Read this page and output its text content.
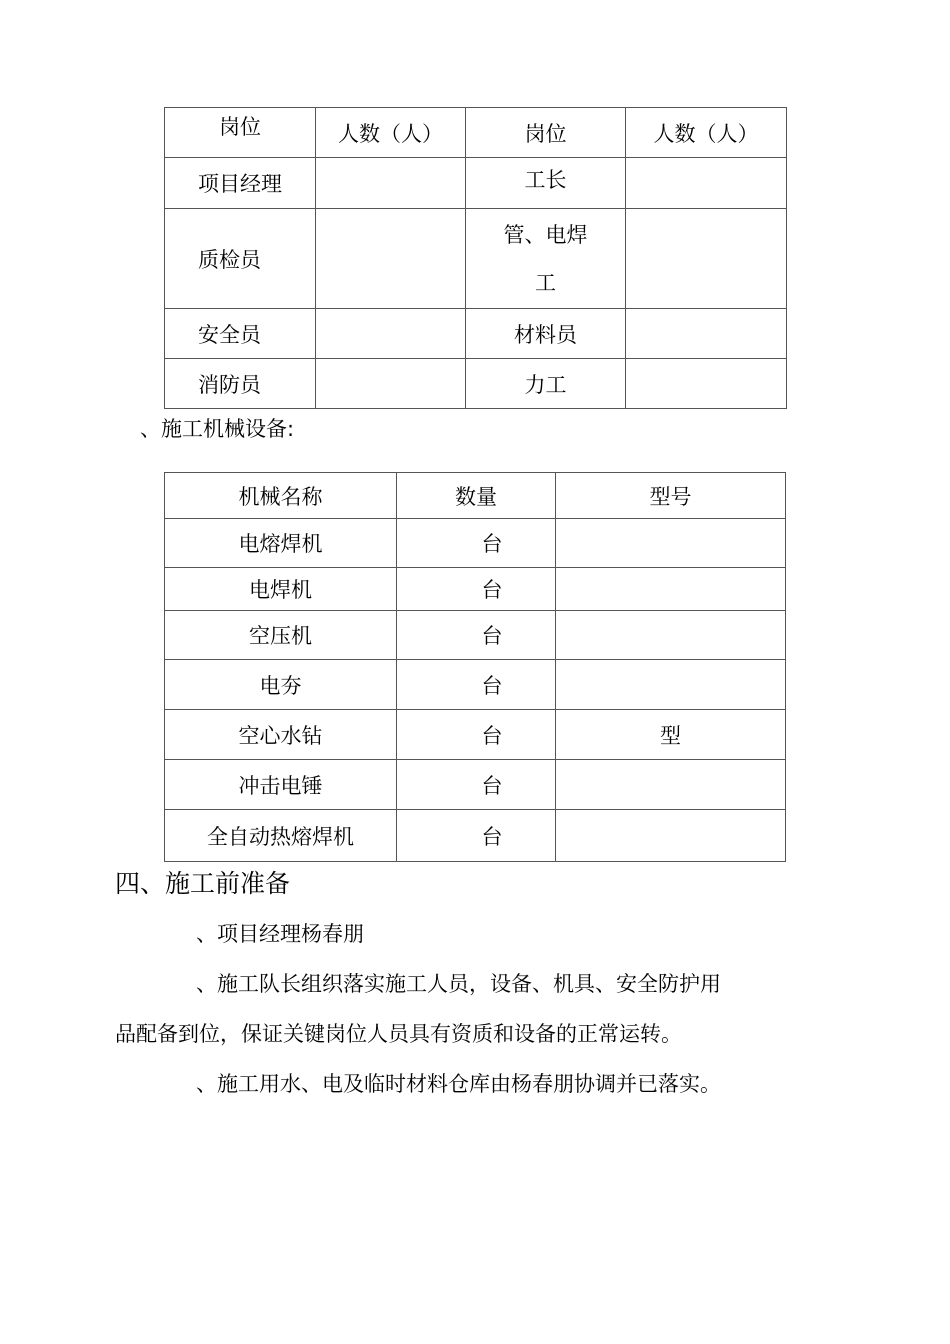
岗位	人数（人）	岗位	人数（人）
项目经理		工长	
质检员		管、电焊
工	

安全员		材料员	
消防员		力工	
、施工机械设备:
机械名称	数量	型号
电熔焊机	台	
电焊机	台	
空压机	台	
电夯	台	
空心水钻	台	型
冲击电锤	台	
全自动热熔焊机	台	
四、施工前准备
、项目经理杨春朋
、施工队长组织落实施工人员，设备、机具、安全防护用
品配备到位，保证关键岗位人员具有资质和设备的正常运转。
、施工用水、电及临时材料仓库由杨春朋协调并已落实。
